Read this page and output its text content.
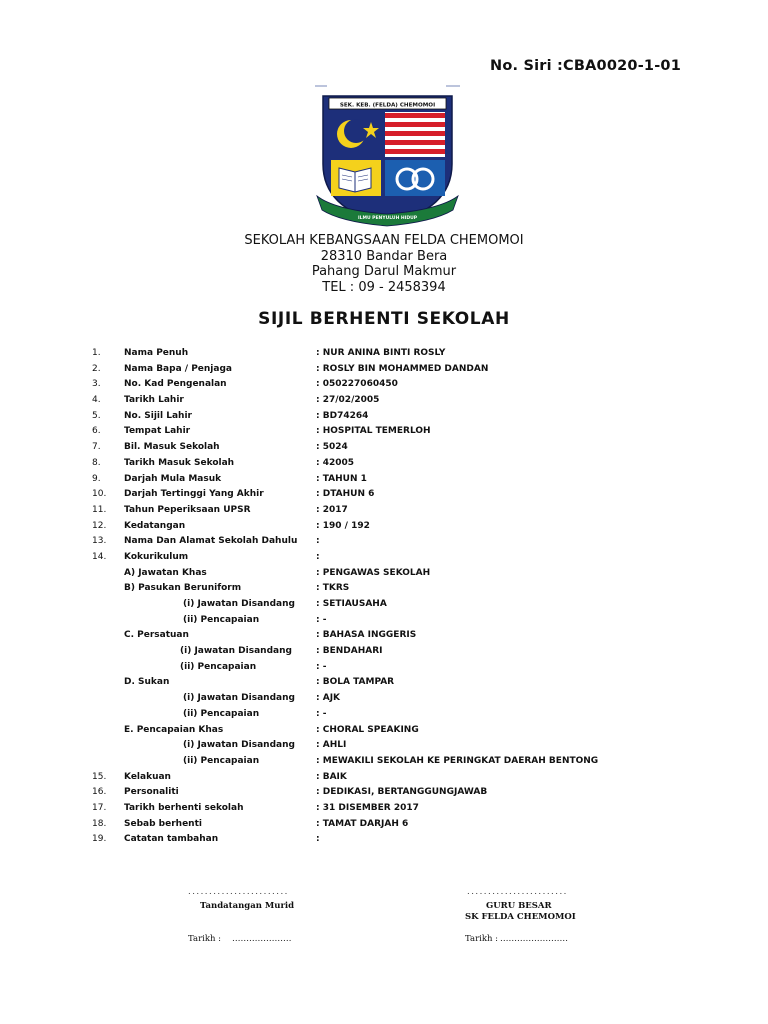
No. Siri :CBA0020-1-01
SEK. KEB. (FELDA) CHEMOMOI
ILMU PENYULUH HIDUP
SEKOLAH KEBANGSAAN FELDA CHEMOMOI
28310 Bandar Bera
Pahang Darul Makmur
TEL : 09 - 2458394
SIJIL BERHENTI SEKOLAH
1.	Nama Penuh	: NUR ANINA BINTI ROSLY
2.	Nama Bapa / Penjaga	: ROSLY BIN MOHAMMED DANDAN
3.	No. Kad Pengenalan	: 050227060450
4.	Tarikh Lahir	: 27/02/2005
5.	No. Sijil Lahir	: BD74264
6.	Tempat Lahir	: HOSPITAL TEMERLOH
7.	Bil. Masuk Sekolah	: 5024
8.	Tarikh Masuk Sekolah	: 42005
9.	Darjah Mula Masuk	: TAHUN 1
10. Darjah Tertinggi Yang Akhir	: DTAHUN 6
11. Tahun Peperiksaan UPSR	: 2017
12. Kedatangan	: 190 / 192
13. Nama Dan Alamat Sekolah Dahulu :
14. Kokurikulum	:
A) Jawatan Khas	: PENGAWAS SEKOLAH
B) Pasukan Beruniform	: TKRS
(i) Jawatan Disandang : SETIAUSAHA
(ii) Pencapaian	: -
C. Persatuan	: BAHASA INGGERIS
(i) Jawatan Disandang	: BENDAHARI
(ii) Pencapaian	: -
D. Sukan	: BOLA TAMPAR
(i) Jawatan Disandang : AJK
(ii) Pencapaian	: -
E. Pencapaian Khas	: CHORAL SPEAKING
(i) Jawatan Disandang : AHLI
(ii) Pencapaian	: MEWAKILI SEKOLAH KE PERINGKAT DAERAH BENTONG
15. Kelakuan	: BAIK
16. Personaliti	: DEDIKASI, BERTANGGUNGJAWAB
17. Tarikh berhenti sekolah	: 31 DISEMBER 2017
18. Sebab berhenti	: TAMAT DARJAH 6
19. Catatan tambahan	:
........................
Tandatangan Murid
Tarikh : …………………
........................
GURU BESAR
SK FELDA CHEMOMOI
Tarikh : ……………………
